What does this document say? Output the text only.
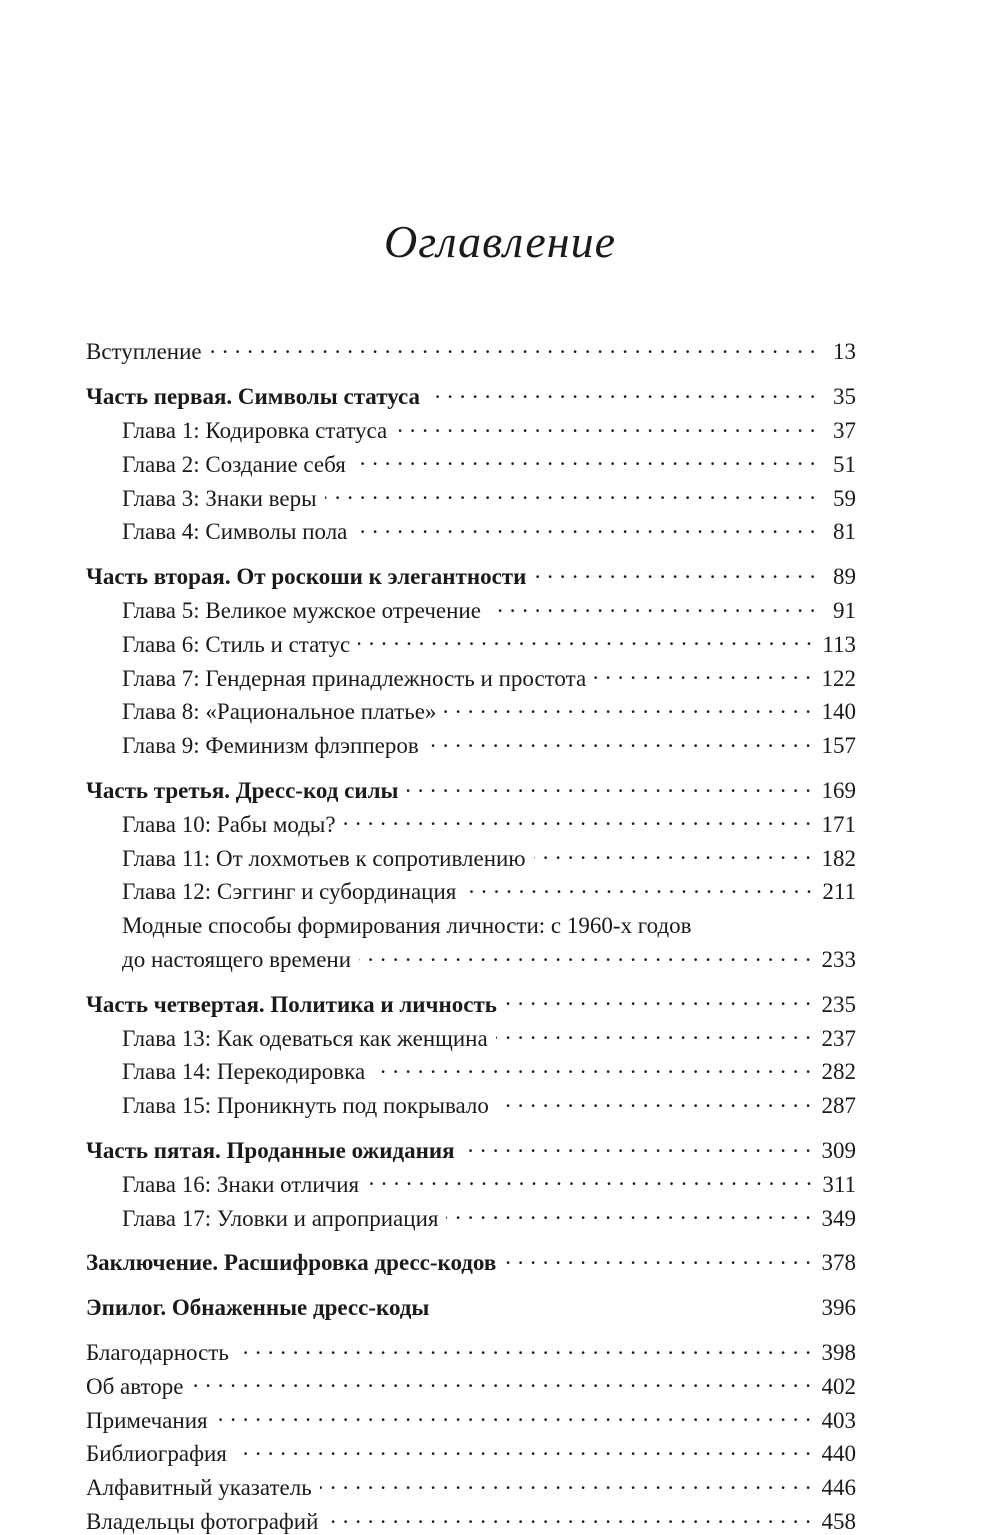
Оглавление
Вступление . . .	13
Часть первая. Символы статуса . . .	35
Глава 1: Кодировка статуса . . .	37
Глава 2: Создание себя . . .	51
Глава 3: Знаки веры . . .	59
Глава 4: Символы пола . . .	81
Часть вторая. От роскоши к элегантности . . .	89
Глава 5: Великое мужское отречение . . .	91
Глава 6: Стиль и статус . . .	113
Глава 7: Гендерная принадлежность и простота . . .	122
Глава 8: «Рациональное платье» . . .	140
Глава 9: Феминизм флэпперов . . .	157
Часть третья. Дресс-код силы . . .	169
Глава 10: Рабы моды? . . .	171
Глава 11: От лохмотьев к сопротивлению . . .	182
Глава 12: Сэггинг и субординация . . .	211
Модные способы формирования личности: с 1960-х годов
до настоящего времени . . .	233
Часть четвертая. Политика и личность . . .	235
Глава 13: Как одеваться как женщина . . .	237
Глава 14: Перекодировка . . .	282
Глава 15: Проникнуть под покрывало . . .	287
Часть пятая. Проданные ожидания . . .	309
Глава 16: Знаки отличия . . .	311
Глава 17: Уловки и апроприация . . .	349
Заключение. Расшифровка дресс-кодов . . .	378
Эпилог. Обнаженные дресс-коды	396
Благодарность . . .	398
Об авторе . . .	402
Примечания . . .	403
Библиография . . .	440
Алфавитный указатель . . .	446
Владельцы фотографий . . .	458
